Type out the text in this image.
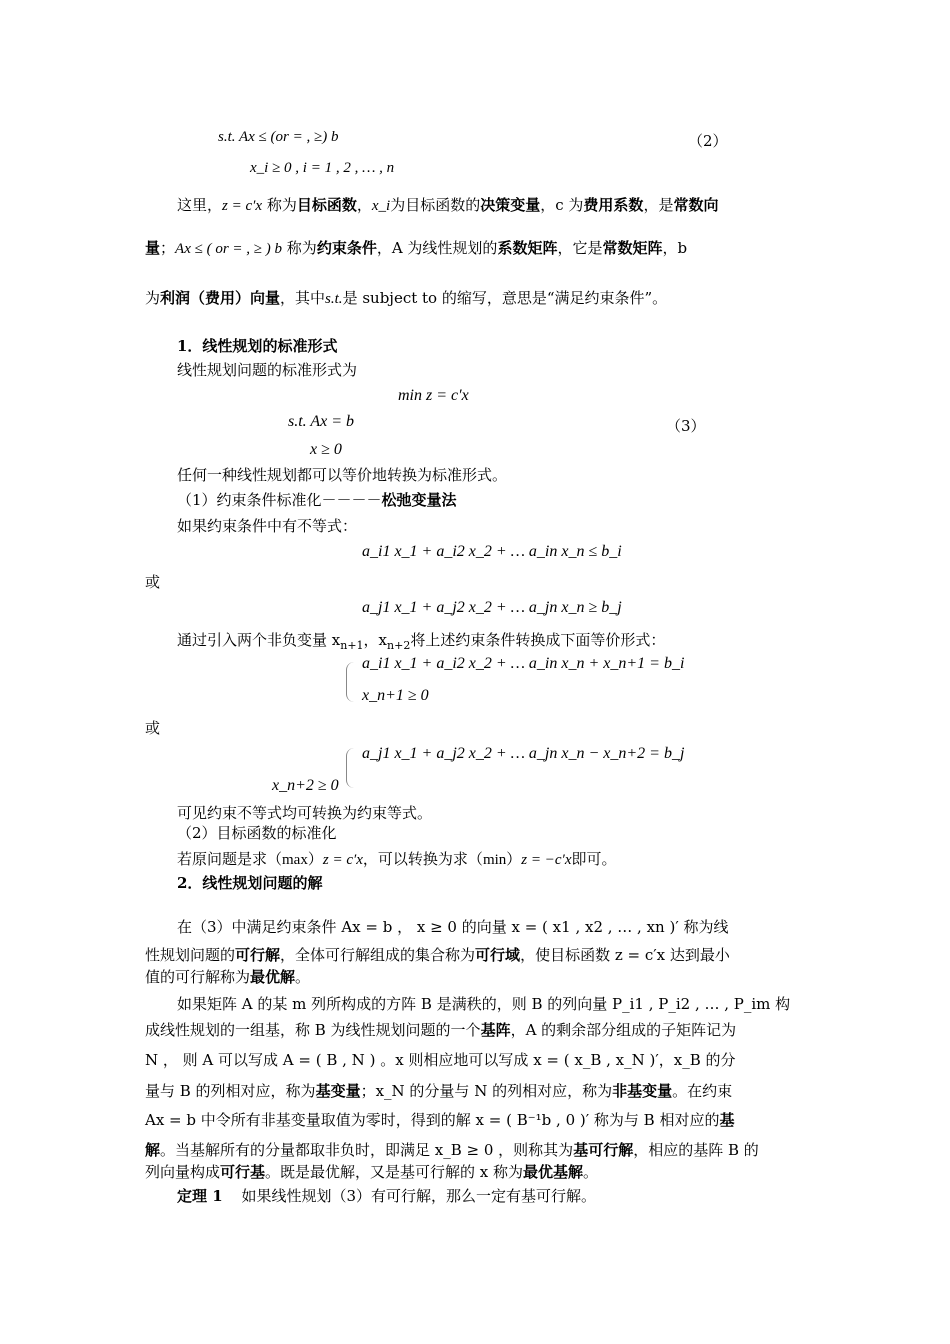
s.t. Ax ≤ (or = , ≥) b	（2）
x_i ≥ 0 , i = 1 , 2 , … , n
这里，z = c′x 称为目标函数，x_i为目标函数的决策变量，c 为费用系数，是常数向
量；Ax ≤ ( or = , ≥ ) b 称为约束条件，A 为线性规划的系数矩阵，它是常数矩阵，b
为利润（费用）向量，其中s.t.是 subject to 的缩写，意思是“满足约束条件”。
1．线性规划的标准形式
线性规划问题的标准形式为
min z = c′x
s.t. Ax = b	（3）
x ≥ 0
任何一种线性规划都可以等价地转换为标准形式。
（1）约束条件标准化－－－－松弛变量法
如果约束条件中有不等式：
a_i1 x_1 + a_i2 x_2 + … a_in x_n ≤ b_i
或
a_j1 x_1 + a_j2 x_2 + … a_jn x_n ≥ b_j
通过引入两个非负变量 $x_{n+1}$，$x_{n+2}$将上述约束条件转换成下面等价形式：
a_i1 x_1 + a_i2 x_2 + … a_in x_n + x_n+1 = b_i
x_n+1 ≥ 0
或
a_j1 x_1 + a_j2 x_2 + … a_jn x_n − x_n+2 = b_j
x_n+2 ≥ 0
可见约束不等式均可转换为约束等式。
（2）目标函数的标准化
若原问题是求（max）z = c′x，可以转换为求（min）z = −c′x即可。
2．线性规划问题的解
在（3）中满足约束条件 Ax = b ， x ≥ 0 的向量 x = ( x1 , x2 , … , xn )′ 称为线
性规划问题的可行解，全体可行解组成的集合称为可行域，使目标函数 z = c′x 达到最小
值的可行解称为最优解。
如果矩阵 A 的某 m 列所构成的方阵 B 是满秩的，则 B 的列向量 P_i1 , P_i2 , … , P_im 构
成线性规划的一组基，称 B 为线性规划问题的一个基阵，A 的剩余部分组成的子矩阵记为
N ， 则 A 可以写成 A = ( B , N ) 。x 则相应地可以写成 x = ( x_B , x_N )′，x_B 的分
量与 B 的列相对应，称为基变量；x_N 的分量与 N 的列相对应，称为非基变量。在约束
Ax = b 中令所有非基变量取值为零时，得到的解 x = ( B⁻¹b , 0 )′ 称为与 B 相对应的基
解。当基解所有的分量都取非负时，即满足 x_B ≥ 0 ，则称其为基可行解，相应的基阵 B 的
列向量构成可行基。既是最优解，又是基可行解的 x 称为最优基解。
定理 1 如果线性规划（3）有可行解，那么一定有基可行解。
